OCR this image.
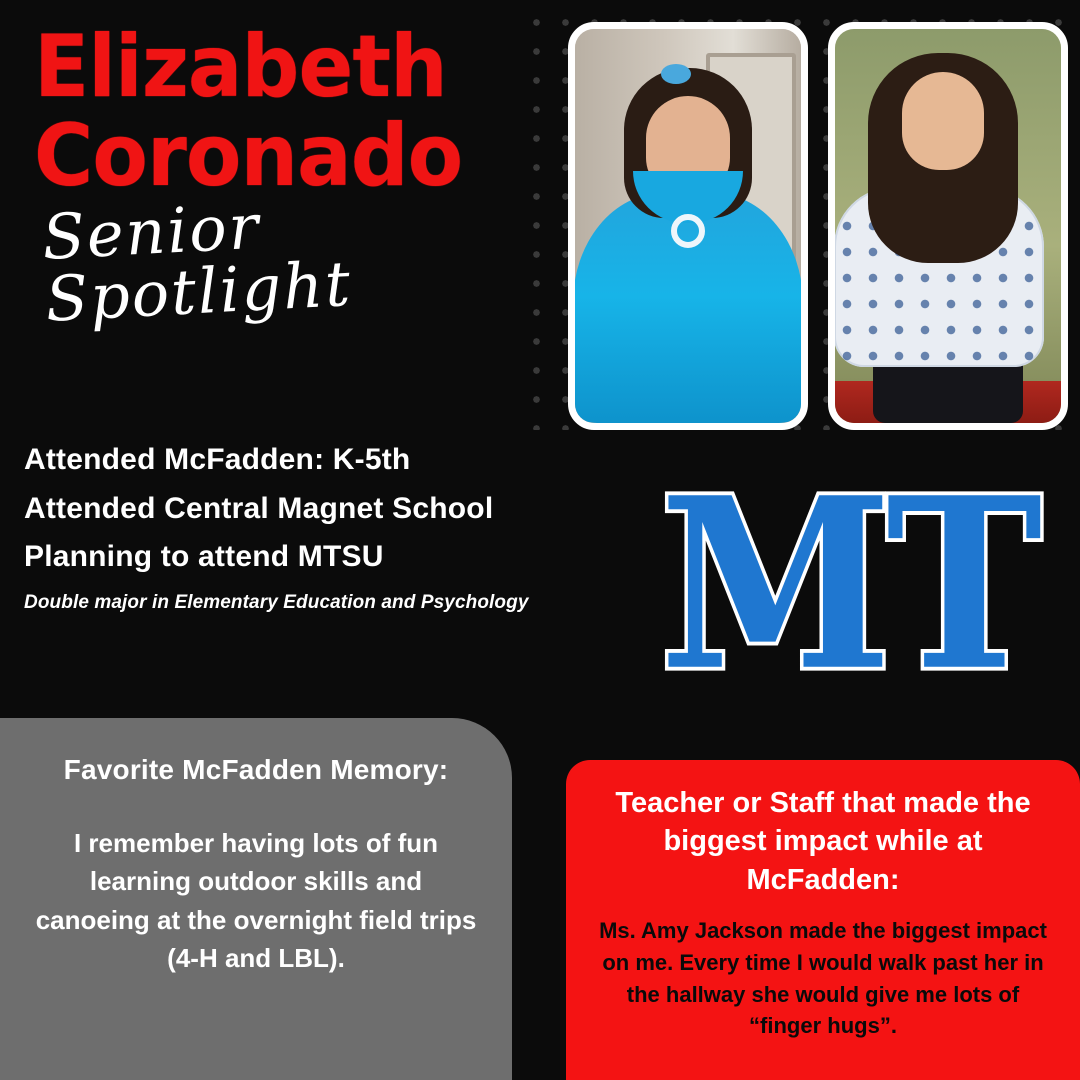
Elizabeth
Coronado
Senior Spotlight
Attended McFadden: K-5th
Attended Central Magnet School
Planning to attend MTSU
Double major in Elementary Education and Psychology MT
Favorite McFadden Memory:
I remember having lots of fun learning outdoor skills and canoeing at the overnight field trips (4-H and LBL).
Teacher or Staff that made the biggest impact while at McFadden:
Ms. Amy Jackson made the biggest impact on me. Every time I would walk past her in the hallway she would give me lots of “finger hugs”.
